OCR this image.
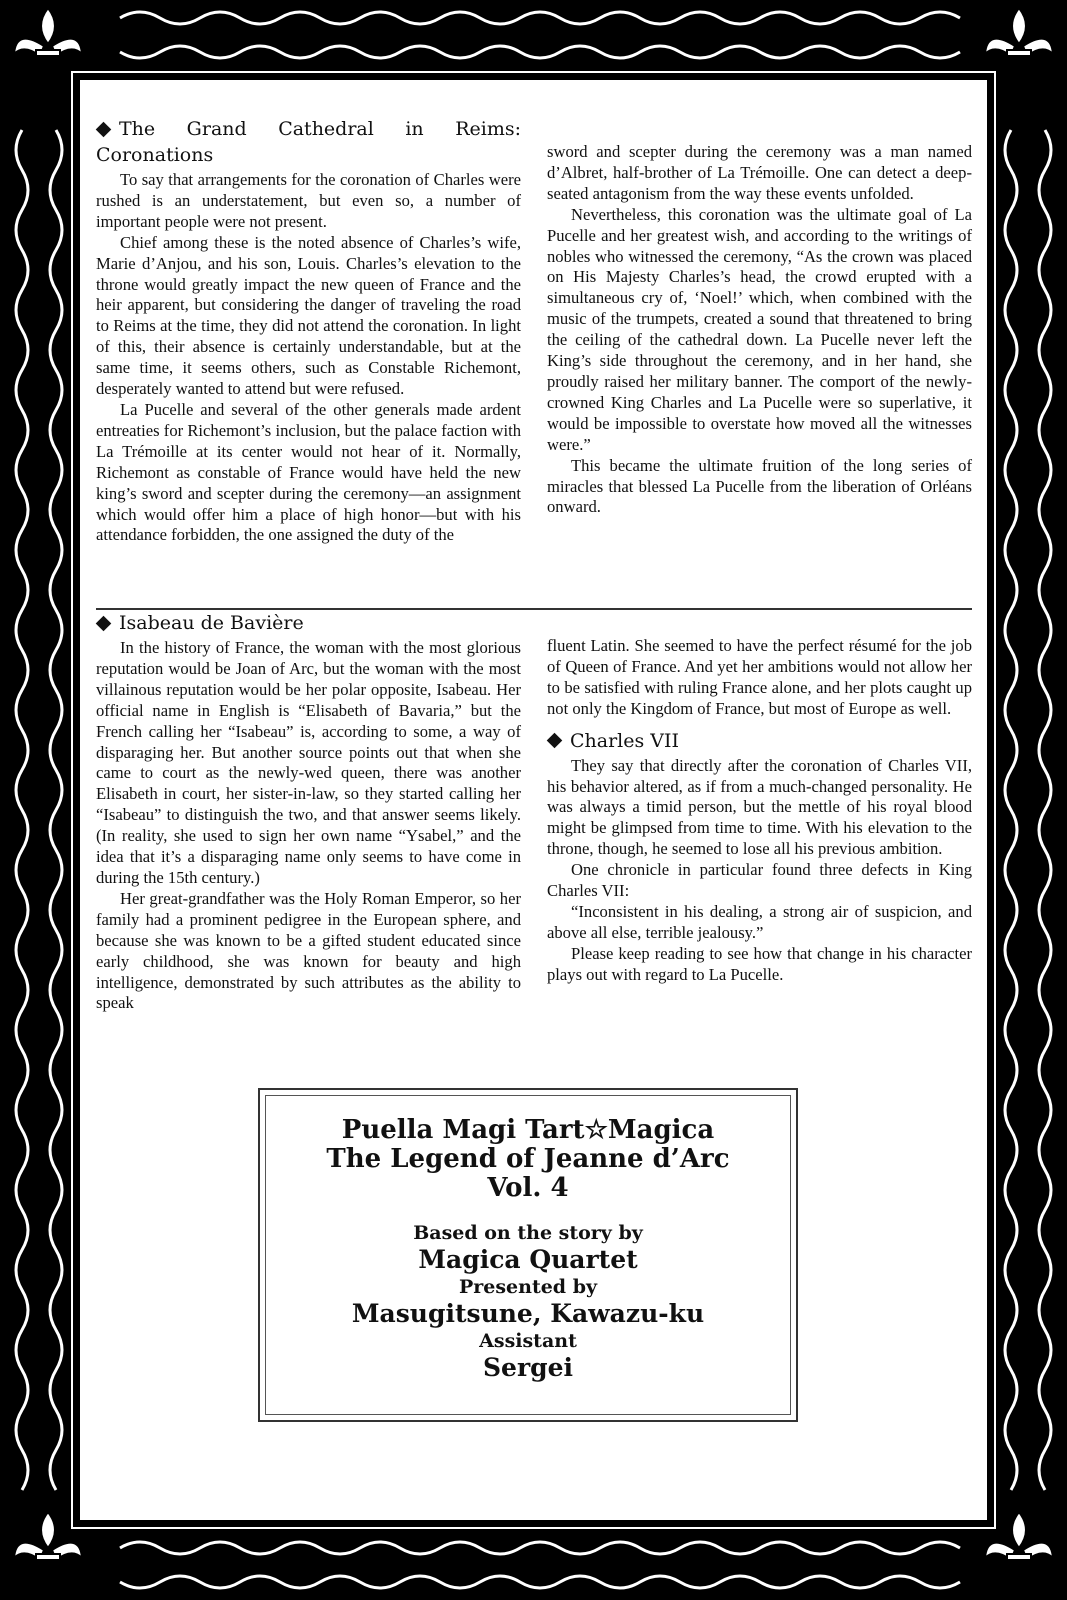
The Grand Cathedral in Reims: Coronations

To say that arrangements for the coronation of Charles were rushed is an understatement, but even so, a number of important people were not present.

Chief among these is the noted absence of Charles’s wife, Marie d’Anjou, and his son, Louis. Charles’s elevation to the throne would greatly impact the new queen of France and the heir apparent, but considering the danger of traveling the road to Reims at the time, they did not attend the coronation. In light of this, their absence is certainly understandable, but at the same time, it seems others, such as Constable Richemont, desperately wanted to attend but were refused.

La Pucelle and several of the other generals made ardent entreaties for Richemont’s inclusion, but the palace faction with La Trémoille at its center would not hear of it. Normally, Richemont as constable of France would have held the new king’s sword and scepter during the ceremony—an assignment which would offer him a place of high honor—but with his attendance forbidden, the one assigned the duty of the

sword and scepter during the ceremony was a man named d’Albret, half-brother of La Trémoille. One can detect a deep-seated antagonism from the way these events unfolded.

Nevertheless, this coronation was the ultimate goal of La Pucelle and her greatest wish, and according to the writings of nobles who witnessed the ceremony, “As the crown was placed on His Majesty Charles’s head, the crowd erupted with a simultaneous cry of, ‘Noel!’ which, when combined with the music of the trumpets, created a sound that threatened to bring the ceiling of the cathedral down. La Pucelle never left the King’s side throughout the ceremony, and in her hand, she proudly raised her military banner. The comport of the newly-crowned King Charles and La Pucelle were so superlative, it would be impossible to overstate how moved all the witnesses were.”

This became the ultimate fruition of the long series of miracles that blessed La Pucelle from the liberation of Orléans onward.

Isabeau de Bavière

In the history of France, the woman with the most glorious reputation would be Joan of Arc, but the woman with the most villainous reputation would be her polar opposite, Isabeau. Her official name in English is “Elisabeth of Bavaria,” but the French calling her “Isabeau” is, according to some, a way of disparaging her. But another source points out that when she came to court as the newly-wed queen, there was another Elisabeth in court, her sister-in-law, so they started calling her “Isabeau” to distinguish the two, and that answer seems likely. (In reality, she used to sign her own name “Ysabel,” and the idea that it’s a disparaging name only seems to have come in during the 15th century.)

Her great-grandfather was the Holy Roman Emperor, so her family had a prominent pedigree in the European sphere, and because she was known to be a gifted student educated since early childhood, she was known for beauty and high intelligence, demonstrated by such attributes as the ability to speak

fluent Latin. She seemed to have the perfect résumé for the job of Queen of France. And yet her ambitions would not allow her to be satisfied with ruling France alone, and her plots caught up not only the Kingdom of France, but most of Europe as well.

Charles VII

They say that directly after the coronation of Charles VII, his behavior altered, as if from a much-changed personality. He was always a timid person, but the mettle of his royal blood might be glimpsed from time to time. With his elevation to the throne, though, he seemed to lose all his previous ambition.

One chronicle in particular found three defects in King Charles VII:

“Inconsistent in his dealing, a strong air of suspicion, and above all else, terrible jealousy.”

Please keep reading to see how that change in his character plays out with regard to La Pucelle.

Puella Magi Tart☆Magica
The Legend of Jeanne d’Arc
Vol. 4
Based on the story by
Magica Quartet
Presented by
Masugitsune, Kawazu-ku
Assistant
Sergei
